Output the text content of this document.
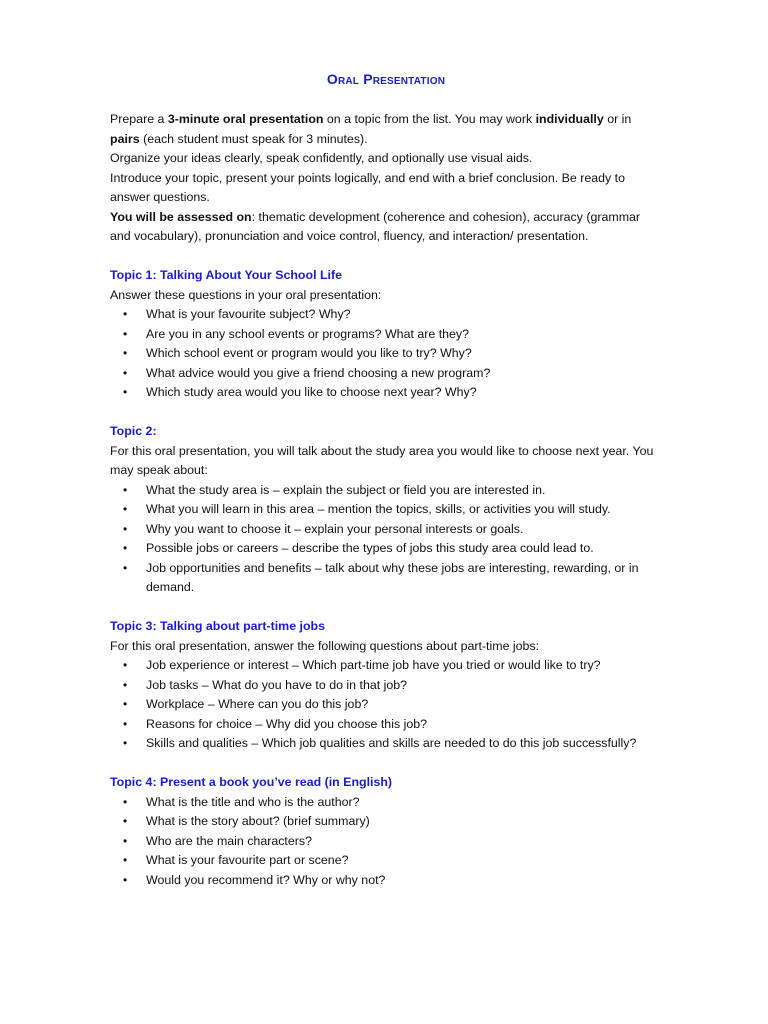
Oral Presentation

Prepare a 3-minute oral presentation on a topic from the list. You may work individually or in pairs (each student must speak for 3 minutes).

Organize your ideas clearly, speak confidently, and optionally use visual aids.

Introduce your topic, present your points logically, and end with a brief conclusion. Be ready to answer questions.

You will be assessed on: thematic development (coherence and cohesion), accuracy (grammar and vocabulary), pronunciation and voice control, fluency, and interaction/ presentation.

Topic 1: Talking About Your School Life

Answer these questions in your oral presentation:

• What is your favourite subject? Why?
• Are you in any school events or programs? What are they?
• Which school event or program would you like to try? Why?
• What advice would you give a friend choosing a new program?
• Which study area would you like to choose next year? Why?

Topic 2:

For this oral presentation, you will talk about the study area you would like to choose next year. You may speak about:

• What the study area is – explain the subject or field you are interested in.
• What you will learn in this area – mention the topics, skills, or activities you will study.
• Why you want to choose it – explain your personal interests or goals.
• Possible jobs or careers – describe the types of jobs this study area could lead to.
• Job opportunities and benefits – talk about why these jobs are interesting, rewarding, or in demand.

Topic 3: Talking about part-time jobs

For this oral presentation, answer the following questions about part-time jobs:

• Job experience or interest – Which part-time job have you tried or would like to try?
• Job tasks – What do you have to do in that job?
• Workplace – Where can you do this job?
• Reasons for choice – Why did you choose this job?
• Skills and qualities – Which job qualities and skills are needed to do this job successfully?

Topic 4: Present a book you’ve read (in English)

• What is the title and who is the author?
• What is the story about? (brief summary)
• Who are the main characters?
• What is your favourite part or scene?
• Would you recommend it? Why or why not?
